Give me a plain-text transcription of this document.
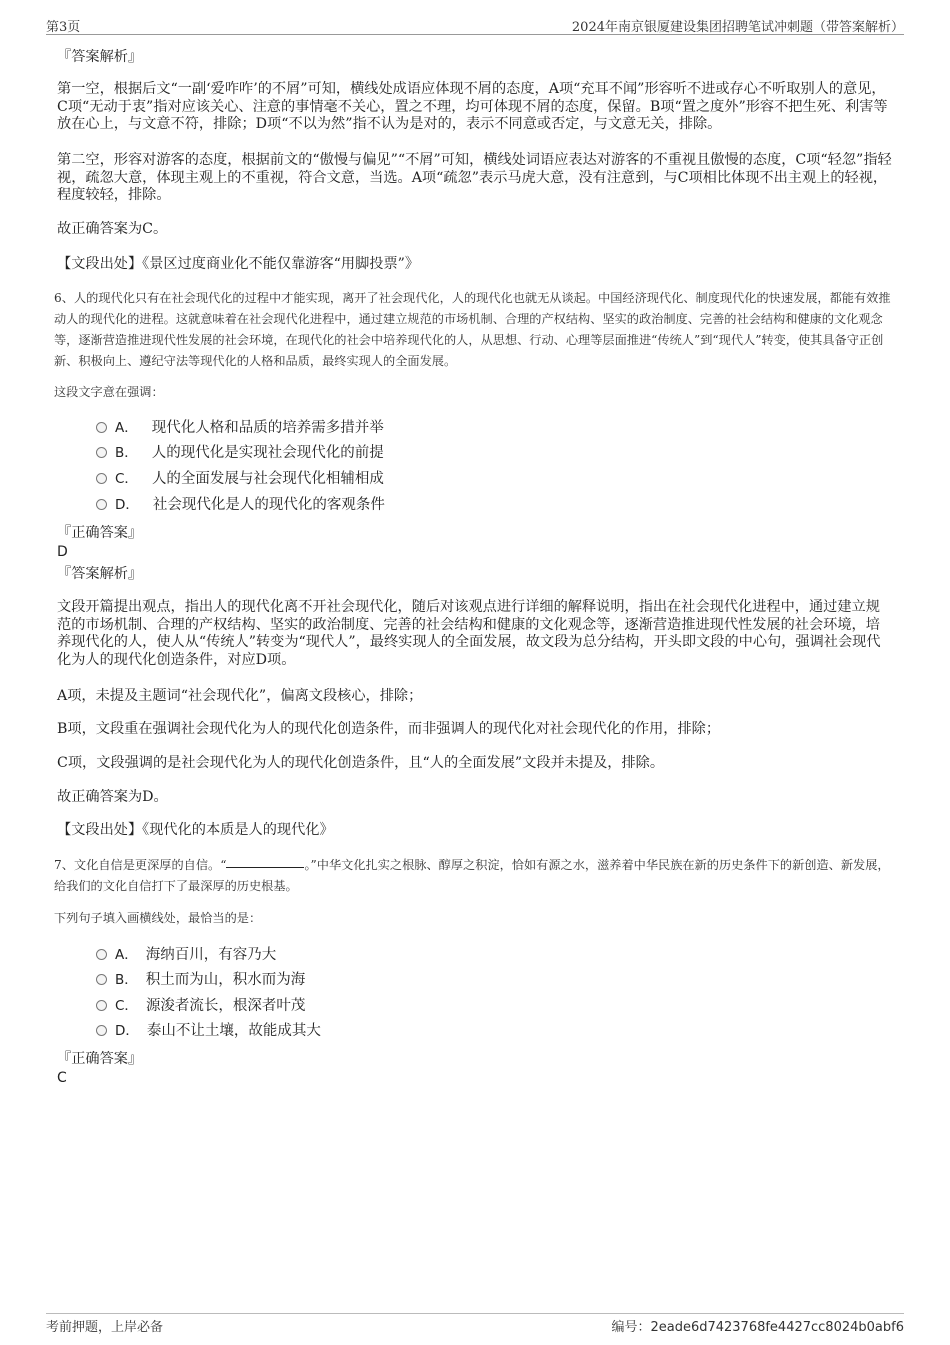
第3页	2024年南京银厦建设集团招聘笔试冲刺题（带答案解析）
『答案解析』
第一空，根据后文“一副‘爱咋咋’的不屑”可知，横线处成语应体现不屑的态度，A项“充耳不闻”形容听不进或存心不听取别人的意见，C项“无动于衷”指对应该关心、注意的事情毫不关心，置之不理，均可体现不屑的态度，保留。B项“置之度外”形容不把生死、利害等放在心上，与文意不符，排除；D项“不以为然”指不认为是对的，表示不同意或否定，与文意无关，排除。
第二空，形容对游客的态度，根据前文的“傲慢与偏见”“不屑”可知，横线处词语应表达对游客的不重视且傲慢的态度，C项“轻忽”指轻视，疏忽大意，体现主观上的不重视，符合文意，当选。A项“疏忽”表示马虎大意，没有注意到，与C项相比体现不出主观上的轻视，程度较轻，排除。
故正确答案为C。
【文段出处】《景区过度商业化不能仅靠游客“用脚投票”》
6、人的现代化只有在社会现代化的过程中才能实现，离开了社会现代化，人的现代化也就无从谈起。中国经济现代化、制度现代化的快速发展，都能有效推动人的现代化的进程。这就意味着在社会现代化进程中，通过建立规范的市场机制、合理的产权结构、坚实的政治制度、完善的社会结构和健康的文化观念等，逐渐营造推进现代性发展的社会环境，在现代化的社会中培养现代化的人，从思想、行动、心理等层面推进“传统人”到“现代人”转变，使其具备守正创新、积极向上、遵纪守法等现代化的人格和品质，最终实现人的全面发展。
这段文字意在强调：
A． 现代化人格和品质的培养需多措并举
B． 人的现代化是实现社会现代化的前提
C． 人的全面发展与社会现代化相辅相成
D． 社会现代化是人的现代化的客观条件
『正确答案』
D
『答案解析』
文段开篇提出观点，指出人的现代化离不开社会现代化，随后对该观点进行详细的解释说明，指出在社会现代化进程中，通过建立规范的市场机制、合理的产权结构、坚实的政治制度、完善的社会结构和健康的文化观念等，逐渐营造推进现代性发展的社会环境，培养现代化的人，使人从“传统人”转变为“现代人”，最终实现人的全面发展，故文段为总分结构，开头即文段的中心句，强调社会现代化为人的现代化创造条件，对应D项。
A项，未提及主题词“社会现代化”，偏离文段核心，排除；
B项，文段重在强调社会现代化为人的现代化创造条件，而非强调人的现代化对社会现代化的作用，排除；
C项，文段强调的是社会现代化为人的现代化创造条件，且“人的全面发展”文段并未提及，排除。
故正确答案为D。
【文段出处】《现代化的本质是人的现代化》
7、文化自信是更深厚的自信。“	。”中华文化扎实之根脉、醇厚之积淀，恰如有源之水，滋养着中华民族在新的历史条件下的新创造、新发展，给我们的文化自信打下了最深厚的历史根基。
下列句子填入画横线处，最恰当的是：
A． 海纳百川，有容乃大
B． 积土而为山，积水而为海
C． 源浚者流长，根深者叶茂
D． 泰山不让土壤，故能成其大
『正确答案』
C
考前押题，上岸必备	编号：2eade6d7423768fe4427cc8024b0abf6
